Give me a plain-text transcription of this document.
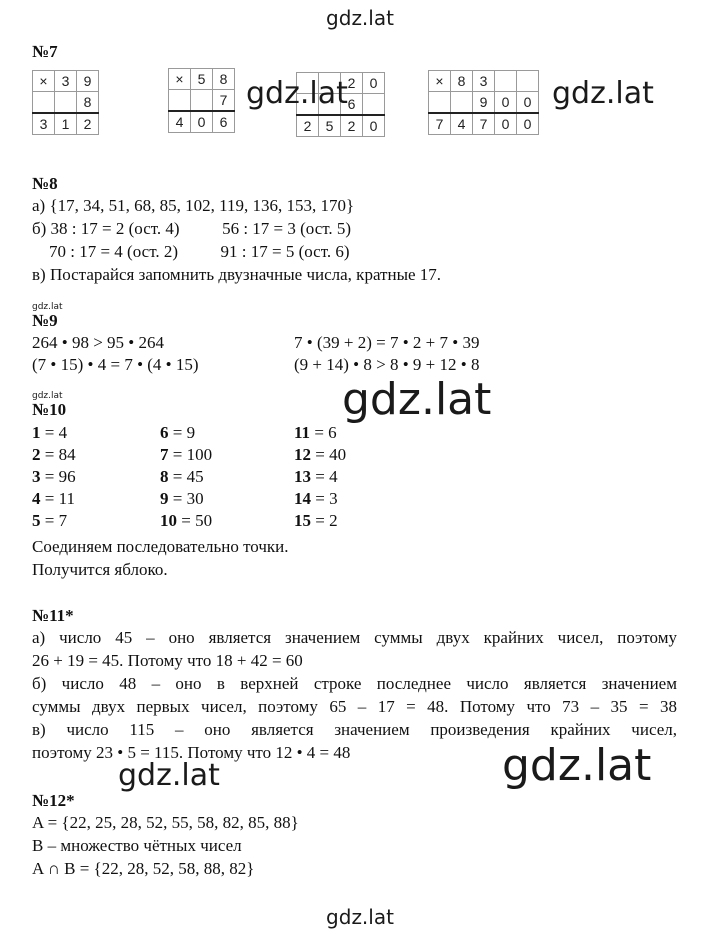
gdz.lat
gdz.lat
№7
×	3	9
		8
3	1	2
×	5	8
		7
4	0	6
		2	0
		6	
2	5	2	0
×	8	3		
		9	0	0
7	4	7	0	0
gdz.lat	gdz.lat
№8
а) {17, 34, 51, 68, 85, 102, 119, 136, 153, 170}
б) 38 : 17 = 2 (ост. 4)          56 : 17 = 3 (ост. 5)
70 : 17 = 4 (ост. 2)          91 : 17 = 5 (ост. 6)
в) Постарайся запомнить двузначные числа, кратные 17.
gdz.lat
№9
264 • 98 > 95 • 264
(7 • 15) • 4 = 7 • (4 • 15)
7 • (39 + 2) = 7 • 2 + 7 • 39
(9 + 14) • 8 > 8 • 9 + 12 • 8
gdz.lat
№10	gdz.lat
1 = 4
2 = 84
3 = 96
4 = 11
5 = 7
6 = 9
7 = 100
8 = 45
9 = 30
10 = 50
11 = 6
12 = 40
13 = 4
14 = 3
15 = 2
Соединяем последовательно точки.
Получится яблоко.
№11*
а) число 45 – оно является значением суммы двух крайних чисел, поэтому
26 + 19 = 45. Потому что 18 + 42 = 60
б) число 48 – оно в верхней строке последнее число является значением
суммы двух первых чисел, поэтому 65 – 17 = 48. Потому что 73 – 35 = 38
в) число 115 – оно является значением произведения крайних чисел,
поэтому 23 • 5 = 115. Потому что 12 • 4 = 48
gdz.lat	gdz.lat
№12*
A = {22, 25, 28, 52, 55, 58, 82, 85, 88}
B – множество чётных чисел
A ∩ B = {22, 28, 52, 58, 88, 82}
